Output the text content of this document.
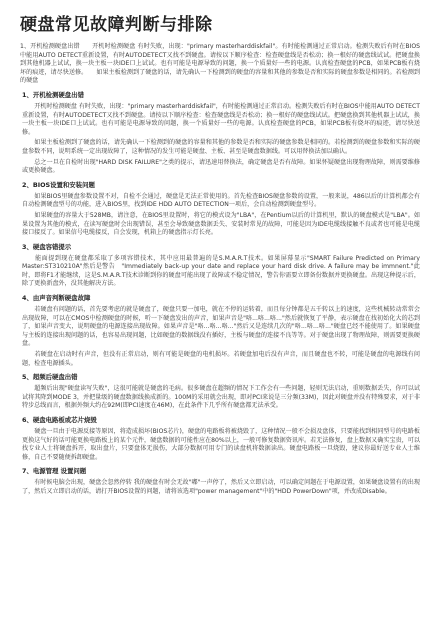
硬盘常见故障判断与排除

1、开机检测硬盘出错　　开机时检测硬盘 有时失败，出现："primary masterharddiskfail"。有时能检测通过正常启动。检测失败后有时在BIOS中能用AUTO DETECT重新设置，有时AUTODETECT又找不到硬盘。请按以下顺序检查：检查硬盘线是否松动；换一根好的硬盘线试试。把硬盘换到其他机器上试试，换一块主板一块IDE口上试试。也有可能是电源导致的问题，换一个质量好一些的电源。认真检查硬盘的PCB，如果PCB板有烧坏的痕迹，请尽快送修。　　如果主板检测到了硬盘的话，请先确认一下检测到的硬盘的容量和其他的参数是否和实际的硬盘参数是相同的。若检测到的硬盘

1、开机检测硬盘出错

　　开机时检测硬盘 有时失败，出现："primary masterharddiskfail"，有时能检测通过正常启动。检测失败后有时在BIOS中能用AUTO DETECT重新设置，有时AUTODETECT又找不到硬盘。请按以下顺序检查：检查硬盘线是否松动；换一根好的硬盘线试试。把硬盘换到其他机器上试试，换一块主板一块IDE口上试试。也有可能是电源导致的问题，换一个质量好一些的电源。认真检查硬盘的PCB，如果PCB板有烧坏的痕迹，请尽快送修。

　　如果主板检测到了硬盘的话，请先确认一下检测到的硬盘的容量和其他的参数是否和实际的硬盘参数是相同的。若检测到的硬盘参数和实际的硬盘参数不同，说明系统一定出现故障了，这种情况的发生可能是硬盘、主板、甚至是硬盘数据线。可以用替换法加以确认。

　　总之一旦在自检时出现"HARD DISK FAILURE"之类的提示，请迅速用替换法，确定硬盘是否有故障。如果怀疑硬盘出现物理故障，则需要维修或更换硬盘。

2、BIOS设置和安装问题

　　如果BIOS里硬盘参数设置不对，自检不会通过，硬盘是无法正常使用的。首先检查BIOS硬盘参数的设置，一般来说，486以后的计算机都会有自动检测硬盘型号的功能，进入BIOS里，找到IDE HDD AUTO DETECTION一项后，会自动检测到硬盘型号。

　　如果硬盘的容量大于528MB，请注意，在BIOS里设置时，将它的模式设为"LBA"，在Pentium以后的计算机里，默认的硬盘模式是"LBA"。如果设置为其他的模式，在读写硬盘时会出现错误，甚至会导致硬盘数据丢失、安装时常见的故障，可能是因为IDE电缆线接触不良或者也可能是电缆接口接反了。如果信号电缆接反，自会发现，机箱上的硬盘指示灯长亮。

3、硬盘容错提示

　　能面提到现在硬盘都采取了多项容错技术，其中应用最普遍的是S.M.A.R.T技术。如果屏幕显示"SMART Failure Predicted on Primary Master:ST310210A"然后是警告　"Immediately back-up your date and replace your hard disk drive. A failure may be immnent."此时，即将F1才能继续，这是S.M.A.R.T技术诊断到你的硬盘可能出现了故障或不稳定情况，警告你需要立即备份数据并更换硬盘。出现这种提示后，除了更换新盘外，没其他解决方法。

4、由声音判断硬盘故障

　　若硬盘有问题的话，首先要考虑的就是硬盘了，硬盘只要一加电，就在不停的运转着，而且每分钟都是五千转以上的速度，这些机械转动常常会出现故障，可以在CMOS中检测硬盘的时候，听一下硬盘发出的声音，如果声音是"咯...咯...咯..."然后就恢复了平静，表示硬盘在找初始化大的芯到了，如果声音变大，说明硬盘的电源连接出现故障。如果声音是"咯...咯...咯..."然后又是连续几次的"咯...咯...咯..."硬盘已经不能使用了。如果硬盘与主板的连接出现问题的话，也容易出现问题，比如硬盘的数据线没有插好，主板与硬盘的连接不良等等。对于硬盘出现了物理故障，则需要更换硬盘。

　　若硬盘在启动时有声音，但没有正常启动，则有可能是硬盘的电机损坏。若硬盘加电后没有声音，而且硬盘也不转，可能是硬盘的电源线有问题，检查电源插头。

5、超频后硬盘出错

　　超频后出现"硬盘读写失败"，这很可能就是硬盘的毛病。很多硬盘在超频的情况下工作会有一些问题，轻则无法启动，重则数据丢失，你可以试试将其降到MODE 3，并把量级的硬盘数据线换成新的。100M的采用就会出现，即对PCI来说是三分频(33M)，因此对硬盘并没有特殊要求，对于非特步总线而言，根据外频大约在92M(即PCI速度在46M)，在此条件下几乎所有硬盘都无法承受。

6、硬盘电路板或芯片烧毁

　　硬盘一旦由于电源反接等原因，将造成损坏(BIOS芯片)，硬盘的电路板将被烧毁了，这种情况一般不会损及盘体，只要能找到相同型号的电路板更换这气好的话可能更换电路板上的某个元件，硬盘数据的可能性应在80%以上，一般可修复数据资讯库。若无法修复，盘上数据又确实宝贵，可以找专业人士将硬盘拆开，取出盘片，只要盘体无损伤，大部分数据可用专门的读盘机将数据读出。硬盘电路板一旦烧毁，建议你最好送专业人士维修，自己不要随便拆卸硬盘。

7、电源管理 设置问题

　　有时候电脑会出现，硬盘会忽然停转 我的硬盘有时会无故"嘟"一声停了，然后又立即启动，可以确定问题在于电源设置，如果硬盘设置有的出现了，然后又立即启动的话，请打开BIOS设置的问题，请将该选项"power management"中的"HDD PowerDown"项，并改成Disable。
